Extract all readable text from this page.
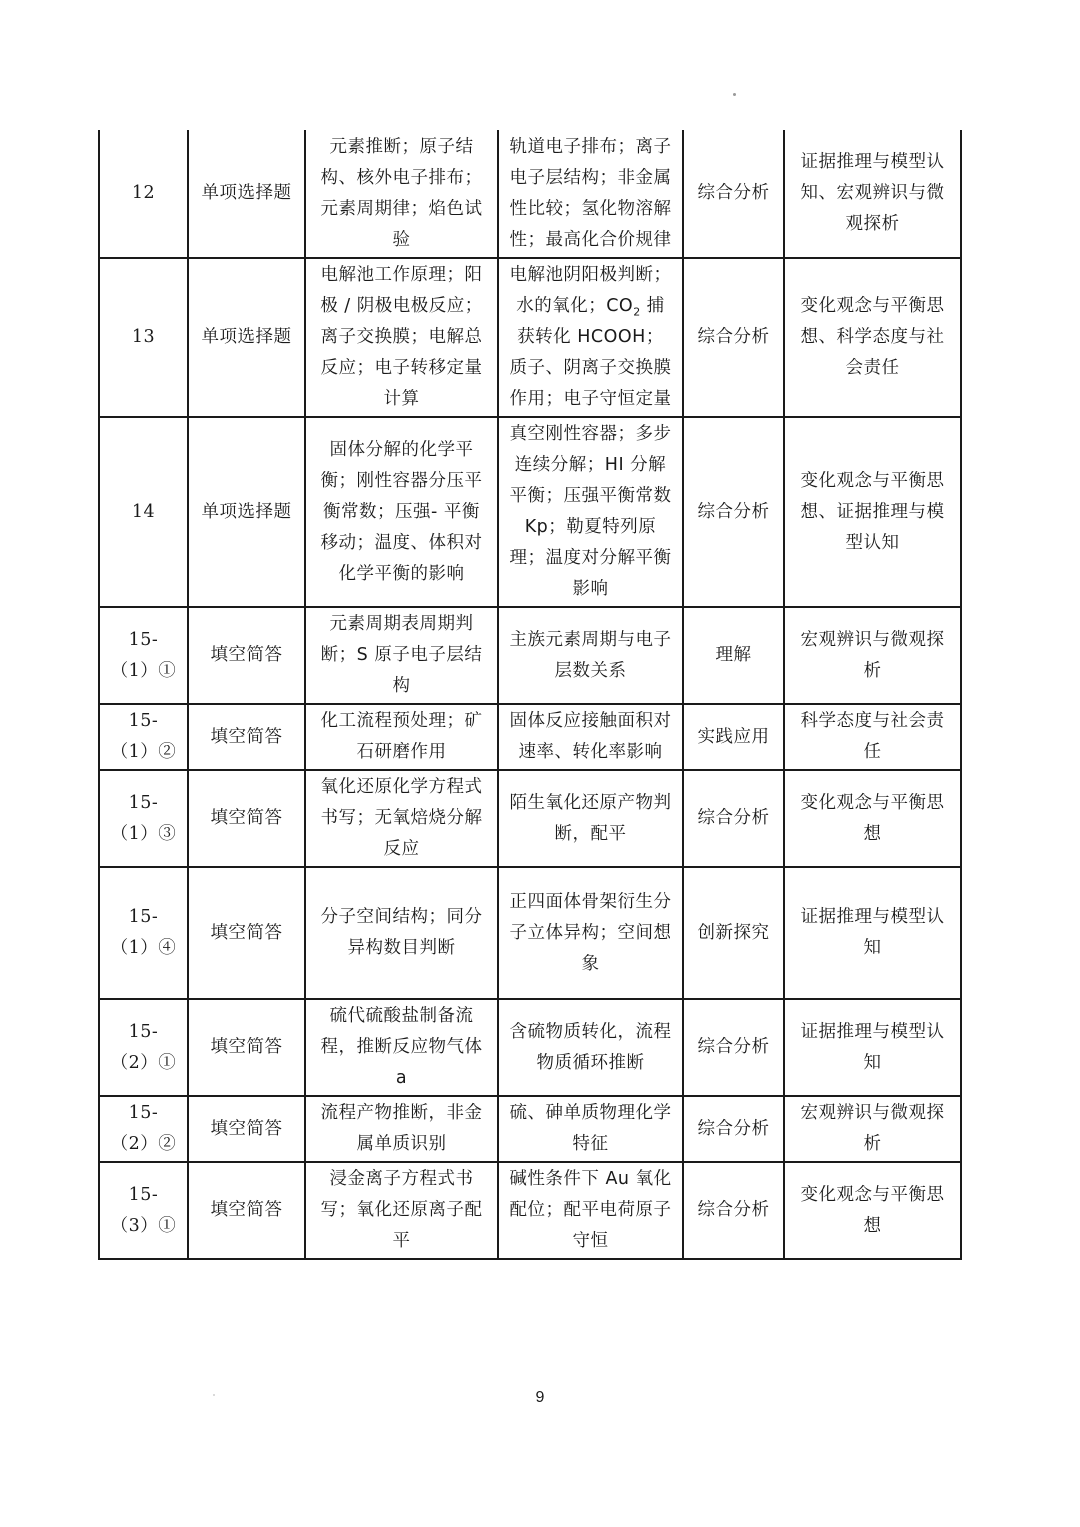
12	单项选择题	元素推断；原子结构、核外电子排布；元素周期律；焰色试验	轨道电子排布；离子电子层结构；非金属性比较；氢化物溶解性；最高化合价规律	综合分析	证据推理与模型认知、宏观辨识与微观探析
13	单项选择题	电解池工作原理；阳极 / 阴极电极反应；离子交换膜；电解总反应；电子转移定量计算	电解池阴阳极判断；水的氧化；$CO_2$ 捕获转化 HCOOH；质子、阴离子交换膜作用；电子守恒定量	综合分析	变化观念与平衡思想、科学态度与社会责任
14	单项选择题	固体分解的化学平衡；刚性容器分压平衡常数；压强- 平衡移动；温度、体积对化学平衡的影响	真空刚性容器；多步连续分解；HI 分解平衡；压强平衡常数 Kp；勒夏特列原理；温度对分解平衡影响	综合分析	变化观念与平衡思想、证据推理与模型认知
15-（1）①	填空简答	元素周期表周期判断；S 原子电子层结构	主族元素周期与电子层数关系	理解	宏观辨识与微观探析
15-（1）②	填空简答	化工流程预处理；矿石研磨作用	固体反应接触面积对速率、转化率影响	实践应用	科学态度与社会责任
15-（1）③	填空简答	氧化还原化学方程式书写；无氧焙烧分解反应	陌生氧化还原产物判断，配平	综合分析	变化观念与平衡思想
15-（1）④	填空简答	分子空间结构；同分异构数目判断	正四面体骨架衍生分子立体异构；空间想象	创新探究	证据推理与模型认知
15-（2）①	填空简答	硫代硫酸盐制备流程，推断反应物气体 a	含硫物质转化，流程物质循环推断	综合分析	证据推理与模型认知
15-（2）②	填空简答	流程产物推断，非金属单质识别	硫、砷单质物理化学特征	综合分析	宏观辨识与微观探析
15-（3）①	填空简答	浸金离子方程式书写；氧化还原离子配平	碱性条件下 Au 氧化配位；配平电荷原子守恒	综合分析	变化观念与平衡思想
9
